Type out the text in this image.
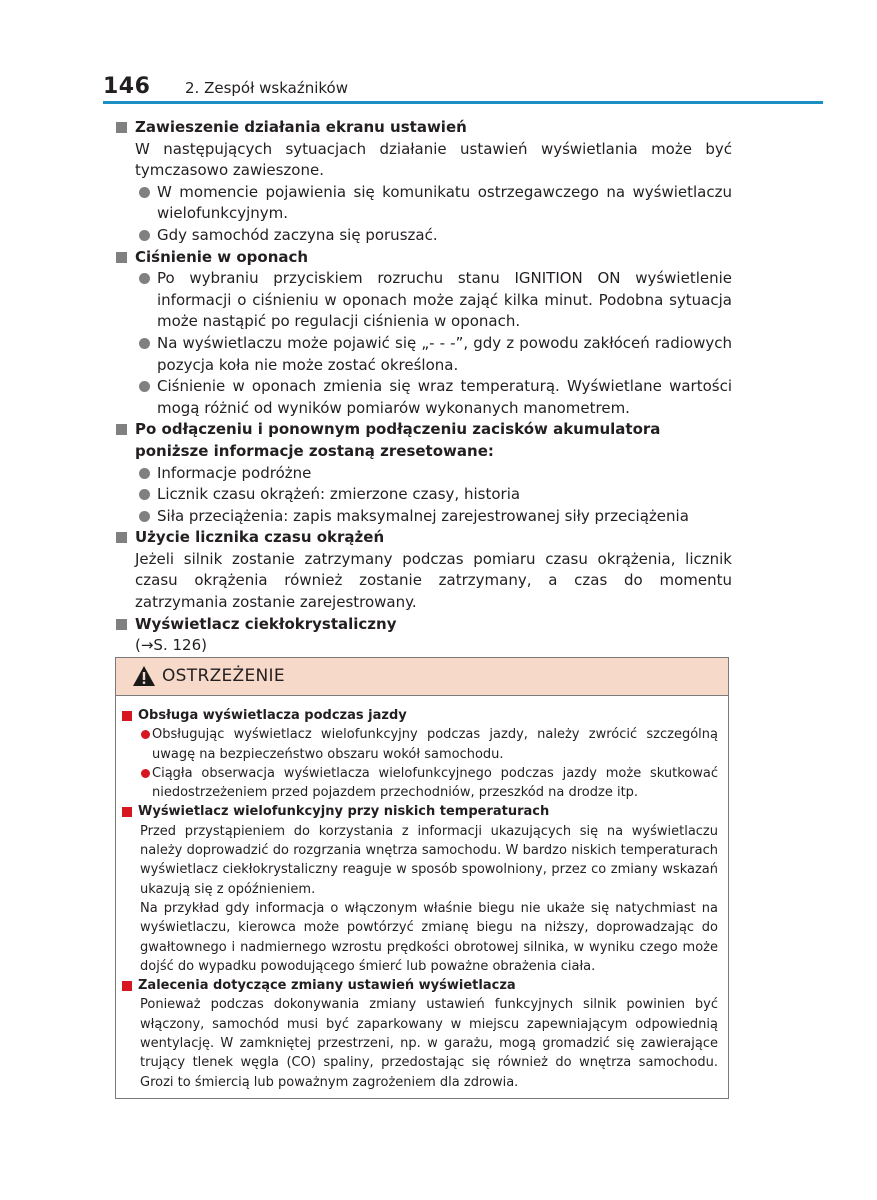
146 2. Zespół wskaźników
Zawieszenie działania ekranu ustawień
W następujących sytuacjach działanie ustawień wyświetlania może być tymczasowo zawieszone.
W momencie pojawienia się komunikatu ostrzegawczego na wyświetlaczu wielofunkcyjnym.
Gdy samochód zaczyna się poruszać.
Ciśnienie w oponach
Po wybraniu przyciskiem rozruchu stanu IGNITION ON wyświetlenie informacji o ciśnieniu w oponach może zająć kilka minut. Podobna sytuacja może nastąpić po regulacji ciśnienia w oponach.
Na wyświetlaczu może pojawić się „- - -”, gdy z powodu zakłóceń radiowych pozycja koła nie może zostać określona.
Ciśnienie w oponach zmienia się wraz temperaturą. Wyświetlane wartości mogą różnić od wyników pomiarów wykonanych manometrem.
Po odłączeniu i ponownym podłączeniu zacisków akumulatora poniższe informacje zostaną zresetowane:
Informacje podróżne
Licznik czasu okrążeń: zmierzone czasy, historia
Siła przeciążenia: zapis maksymalnej zarejestrowanej siły przeciążenia
Użycie licznika czasu okrążeń
Jeżeli silnik zostanie zatrzymany podczas pomiaru czasu okrążenia, licznik czasu okrążenia również zostanie zatrzymany, a czas do momentu zatrzymania zostanie zarejestrowany.
Wyświetlacz ciekłokrystaliczny
(→S. 126)
OSTRZEŻENIE
Obsługa wyświetlacza podczas jazdy
Obsługując wyświetlacz wielofunkcyjny podczas jazdy, należy zwrócić szczególną uwagę na bezpieczeństwo obszaru wokół samochodu.
Ciągła obserwacja wyświetlacza wielofunkcyjnego podczas jazdy może skutkować niedostrzeżeniem przed pojazdem przechodniów, przeszkód na drodze itp.
Wyświetlacz wielofunkcyjny przy niskich temperaturach
Przed przystąpieniem do korzystania z informacji ukazujących się na wyświetlaczu należy doprowadzić do rozgrzania wnętrza samochodu. W bardzo niskich temperaturach wyświetlacz ciekłokrystaliczny reaguje w sposób spowolniony, przez co zmiany wskazań ukazują się z opóźnieniem.
Na przykład gdy informacja o włączonym właśnie biegu nie ukaże się natychmiast na wyświetlaczu, kierowca może powtórzyć zmianę biegu na niższy, doprowadzając do gwałtownego i nadmiernego wzrostu prędkości obrotowej silnika, w wyniku czego może dojść do wypadku powodującego śmierć lub poważne obrażenia ciała.
Zalecenia dotyczące zmiany ustawień wyświetlacza
Ponieważ podczas dokonywania zmiany ustawień funkcyjnych silnik powinien być włączony, samochód musi być zaparkowany w miejscu zapewniającym odpowiednią wentylację. W zamkniętej przestrzeni, np. w garażu, mogą gromadzić się zawierające trujący tlenek węgla (CO) spaliny, przedostając się również do wnętrza samochodu. Grozi to śmiercią lub poważnym zagrożeniem dla zdrowia.
